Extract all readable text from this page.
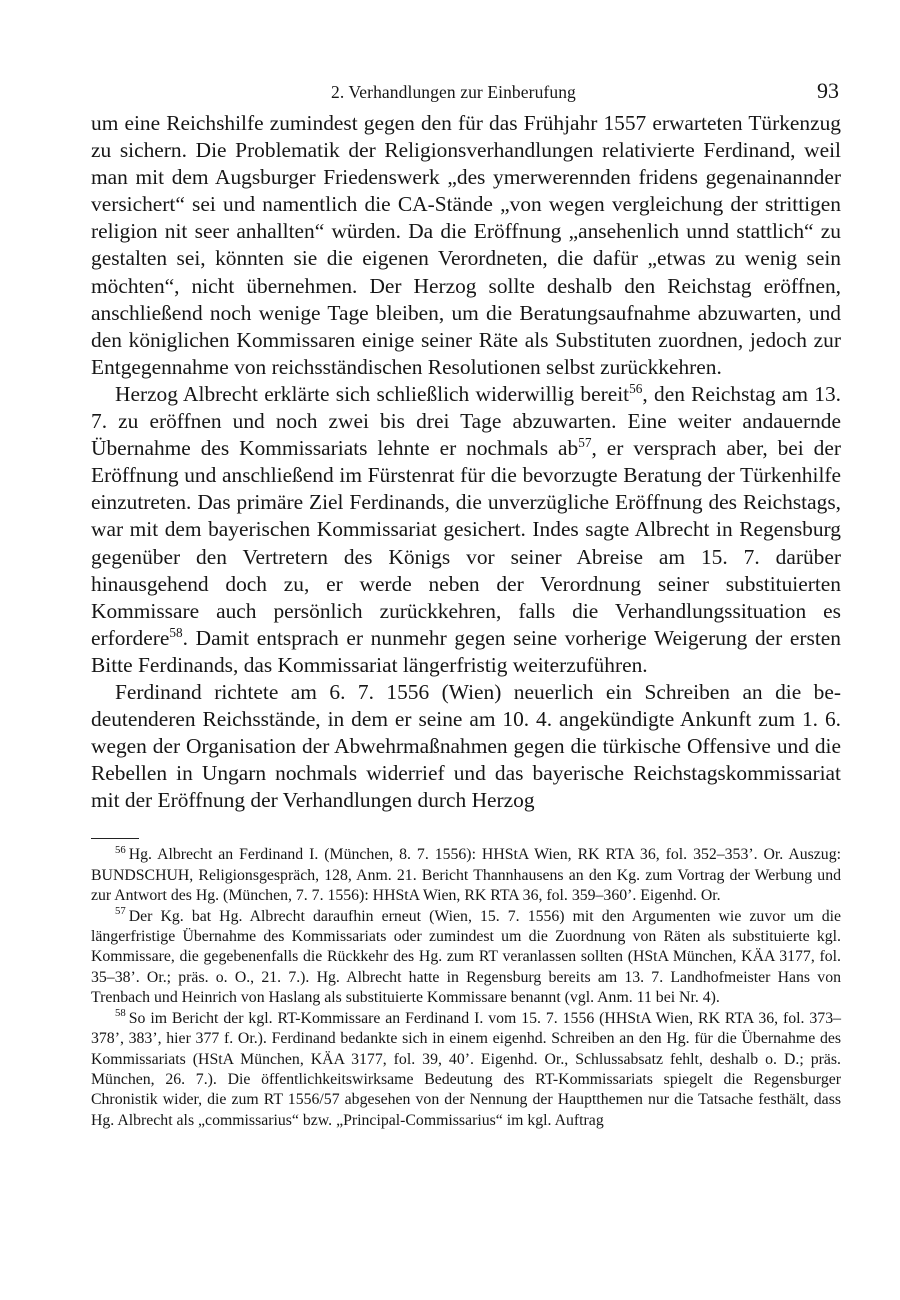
2. Verhandlungen zur Einberufung	93

um eine Reichshilfe zumindest gegen den für das Frühjahr 1557 erwarteten Türkenzug zu sichern. Die Problematik der Religionsverhandlungen relativierte Ferdinand, weil man mit dem Augsburger Friedenswerk „des ymerwerennden fridens gegenainannder versichert“ sei und namentlich die CA-Stände „von wegen vergleichung der strittigen religion nit seer anhallten“ würden. Da die Eröffnung „ansehenlich unnd stattlich“ zu gestalten sei, könnten sie die eigenen Verordneten, die dafür „etwas zu wenig sein möchten“, nicht übernehmen. Der Herzog sollte deshalb den Reichstag eröffnen, anschließend noch wenige Tage bleiben, um die Beratungsaufnahme abzuwarten, und den königlichen Kommissaren einige seiner Räte als Substituten zuordnen, jedoch zur Entgegennahme von reichsständischen Resolutionen selbst zurückkehren.

Herzog Albrecht erklärte sich schließlich widerwillig bereit$^{56}$, den Reichstag am 13. 7. zu eröffnen und noch zwei bis drei Tage abzuwarten. Eine weiter andauernde Übernahme des Kommissariats lehnte er nochmals $ab^{57}$, er versprach aber, bei der Eröffnung und anschließend im Fürstenrat für die bevorzugte Beratung der Türkenhilfe einzutreten. Das primäre Ziel Ferdinands, die unverzügliche Eröffnung des Reichstags, war mit dem bayerischen Kommissariat gesichert. Indes sagte Albrecht in Regensburg gegenüber den Vertretern des Königs vor seiner Abreise am 15. 7. darüber hinausgehend doch zu, er werde neben der Verordnung seiner substituierten Kommissare auch persönlich zurückkehren, falls die Verhandlungssituation es erfordere$^{58}$. Damit entsprach er nunmehr gegen seine vorherige Weigerung der ersten Bitte Ferdinands, das Kommissariat längerfristig weiterzuführen.

Ferdinand richtete am 6. 7. 1556 (Wien) neuerlich ein Schreiben an die bedeutenderen Reichsstände, in dem er seine am 10. 4. angekündigte Ankunft zum 1. 6. wegen der Organisation der Abwehrmaßnahmen gegen die türkische Offensive und die Rebellen in Ungarn nochmals widerrief und das bayerische Reichstagskommissariat mit der Eröffnung der Verhandlungen durch Herzog

$^{56}$ Hg. Albrecht an Ferdinand I. (München, 8. 7. 1556): HHStA Wien, RK RTA 36, fol. 352–353’. Or. Auszug: BUNDSCHUH, Religionsgespräch, 128, Anm. 21. Bericht Thannhausens an den Kg. zum Vortrag der Werbung und zur Antwort des Hg. (München, 7. 7. 1556): HHStA Wien, RK RTA 36, fol. 359–360’. Eigenhd. Or.

$^{57}$ Der Kg. bat Hg. Albrecht daraufhin erneut (Wien, 15. 7. 1556) mit den Argumenten wie zuvor um die längerfristige Übernahme des Kommissariats oder zumindest um die Zuordnung von Räten als substituierte kgl. Kommissare, die gegebenenfalls die Rückkehr des Hg. zum RT veranlassen sollten (HStA München, KÄA 3177, fol. 35–38’. Or.; präs. o. O., 21. 7.). Hg. Albrecht hatte in Regensburg bereits am 13. 7. Landhofmeister Hans von Trenbach und Heinrich von Haslang als substituierte Kommissare benannt (vgl. Anm. 11 bei Nr. 4).

$^{58}$ So im Bericht der kgl. RT-Kommissare an Ferdinand I. vom 15. 7. 1556 (HHStA Wien, RK RTA 36, fol. 373–378’, 383’, hier 377 f. Or.). Ferdinand bedankte sich in einem eigenhd. Schreiben an den Hg. für die Übernahme des Kommissariats (HStA München, KÄA 3177, fol. 39, 40’. Eigenhd. Or., Schlussabsatz fehlt, deshalb o. D.; präs. München, 26. 7.). Die öffentlichkeitswirksame Bedeutung des RT-Kommissariats spiegelt die Regensburger Chronistik wider, die zum RT 1556/57 abgesehen von der Nennung der Hauptthemen nur die Tatsache festhält, dass Hg. Albrecht als „commissarius“ bzw. „Principal-Commissarius“ im kgl. Auftrag
